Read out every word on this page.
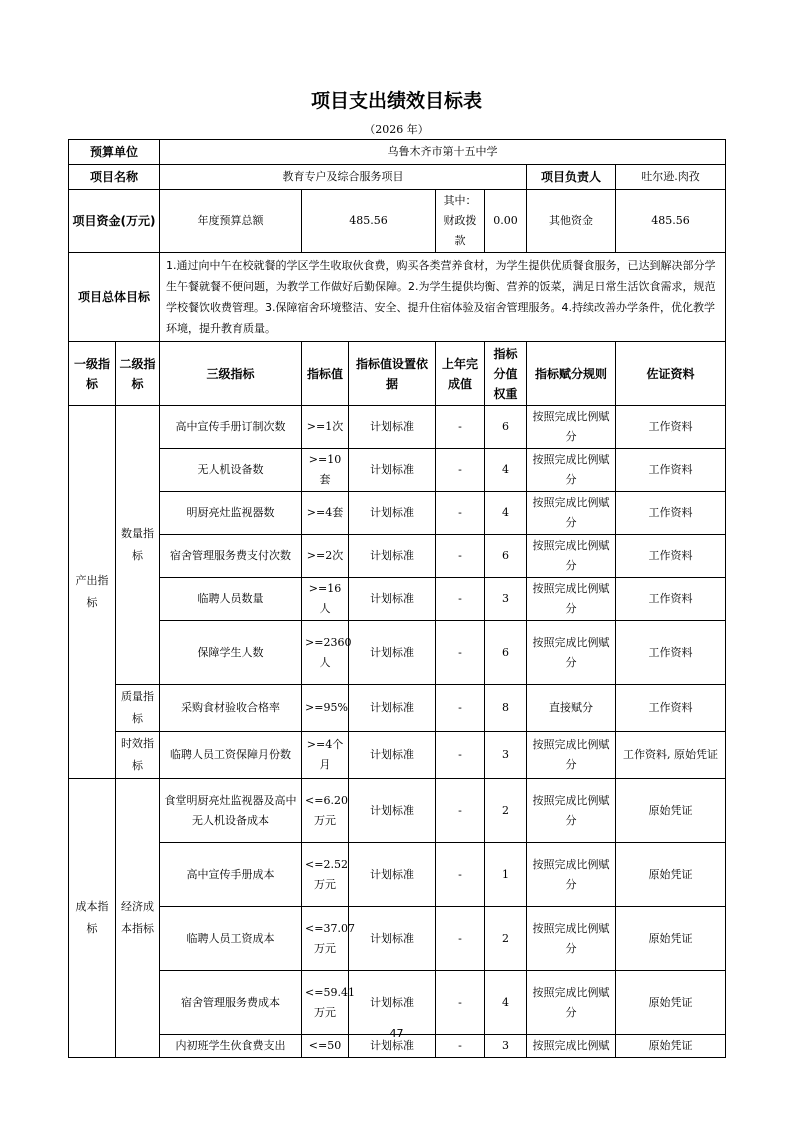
项目支出绩效目标表
（2026 年）
预算单位		乌鲁木齐市第十五中学						
项目名称		教育专户及综合服务项目					项目负责人	吐尔逊.肉孜
项目资金(万元)		年度预算总额	485.56		其中：财政拨款	0.00	其他资金	485.56
项目总体目标		1.通过向中午在校就餐的学区学生收取伙食费，购买各类营养食材，为学生提供优质餐食服务，已达到解决部分学生午餐就餐不便问题，为教学工作做好后勤保障。2.为学生提供均衡、营养的饭菜，满足日常生活饮食需求，规范学校餐饮收费管理。3.保障宿舍环境整洁、安全、提升住宿体验及宿舍管理服务。4.持续改善办学条件，优化教学环境，提升教育质量。						
一级指标	二级指标	三级指标	指标值	指标值设置依据	上年完成值	指标分值权重	指标赋分规则	佐证资料
产出指标	数量指标	高中宣传手册订制次数	>=1次	计划标准	-	6	按照完成比例赋分	工作资料
		无人机设备数	>=10套	计划标准	-	4	按照完成比例赋分	工作资料
		明厨亮灶监视器数	>=4套	计划标准	-	4	按照完成比例赋分	工作资料
		宿舍管理服务费支付次数	>=2次	计划标准	-	6	按照完成比例赋分	工作资料
		临聘人员数量	>=16人	计划标准	-	3	按照完成比例赋分	工作资料
		保障学生人数	>=2360人	计划标准	-	6	按照完成比例赋分	工作资料
	质量指标	采购食材验收合格率	>=95%	计划标准	-	8	直接赋分	工作资料
	时效指标	临聘人员工资保障月份数	>=4个月	计划标准	-	3	按照完成比例赋分	工作资料, 原始凭证
成本指标	经济成本指标	食堂明厨亮灶监视器及高中无人机设备成本	<=6.20万元	计划标准	-	2	按照完成比例赋分	原始凭证
		高中宣传手册成本	<=2.52万元	计划标准	-	1	按照完成比例赋分	原始凭证
		临聘人员工资成本	<=37.07万元	计划标准	-	2	按照完成比例赋分	原始凭证
		宿舍管理服务费成本	<=59.41万元	计划标准	-	4	按照完成比例赋分	原始凭证
		内初班学生伙食费支出	<=50	计划标准	-	3	按照完成比例赋	原始凭证
47
